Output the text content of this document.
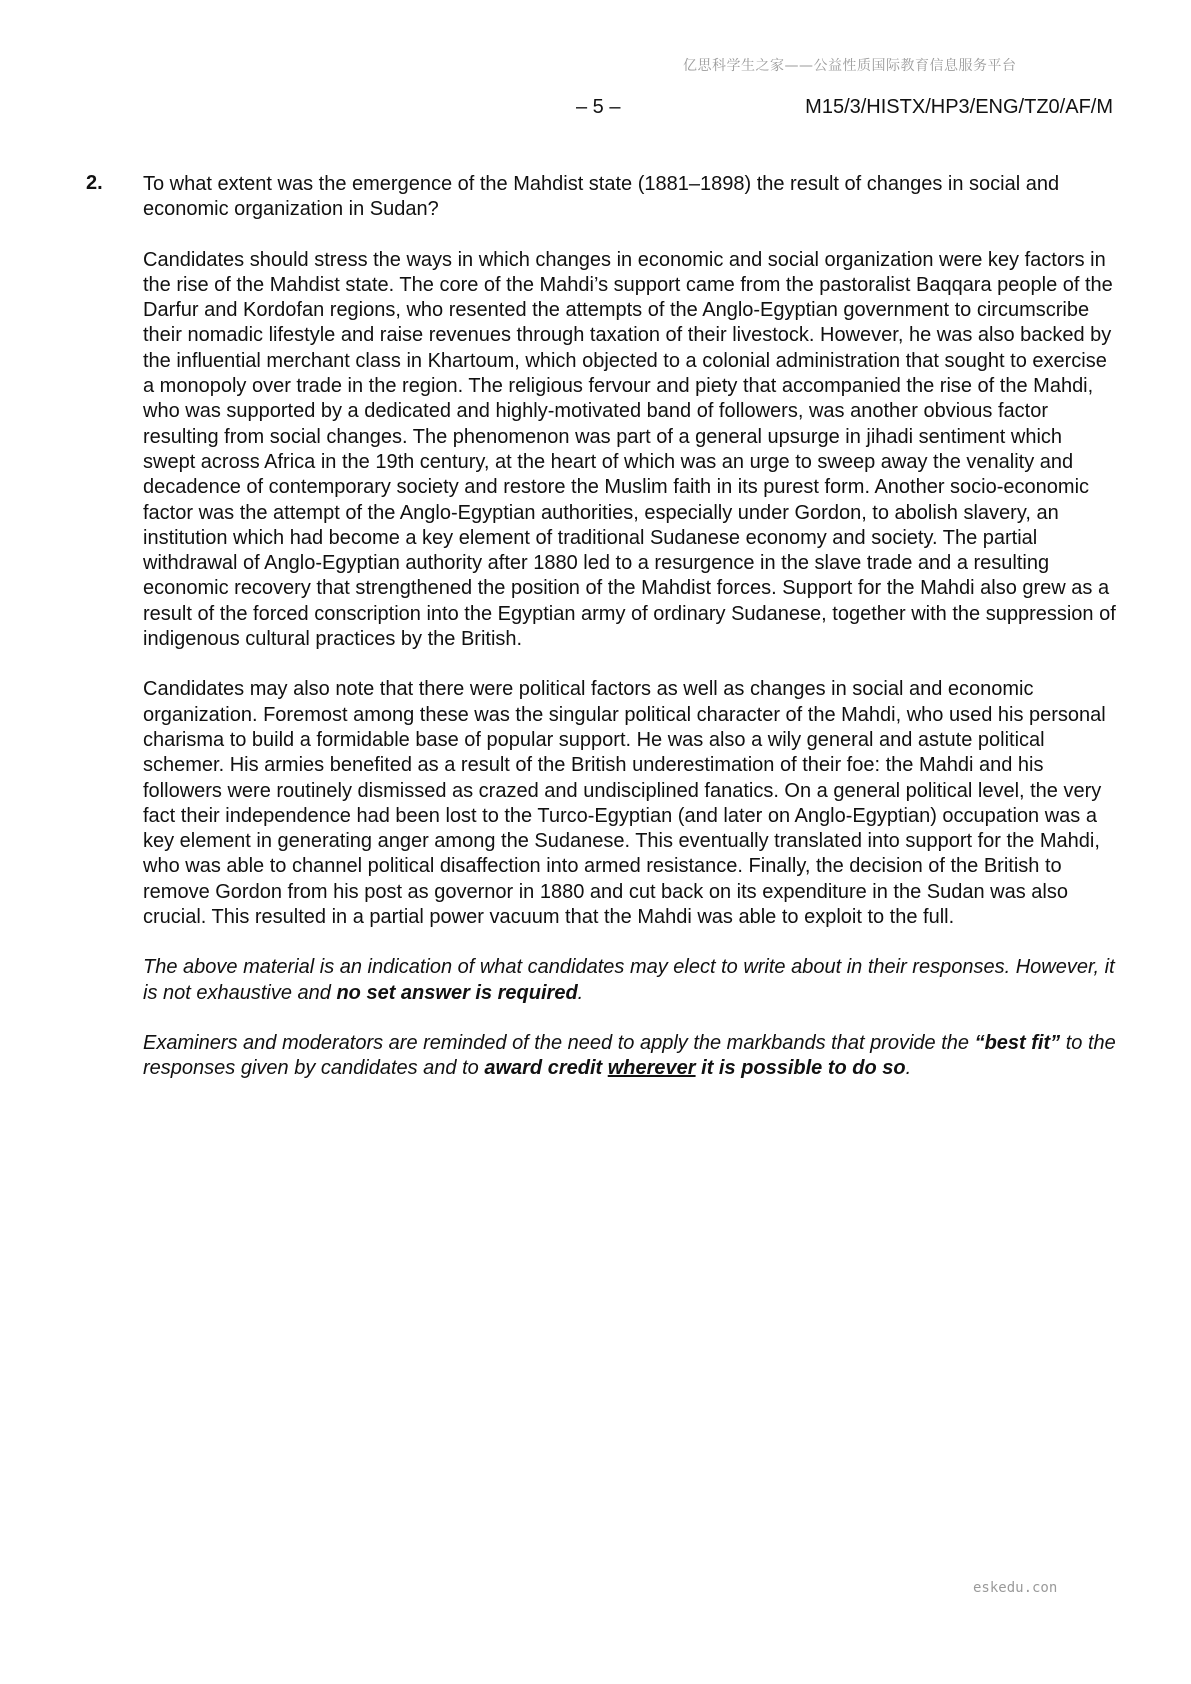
亿思科学生之家——公益性质国际教育信息服务平台
– 5 –	M15/3/HISTX/HP3/ENG/TZ0/AF/M
2. To what extent was the emergence of the Mahdist state (1881–1898) the result of changes in social and economic organization in Sudan?

Candidates should stress the ways in which changes in economic and social organization were key factors in the rise of the Mahdist state. The core of the Mahdi’s support came from the pastoralist Baqqara people of the Darfur and Kordofan regions, who resented the attempts of the Anglo-Egyptian government to circumscribe their nomadic lifestyle and raise revenues through taxation of their livestock. However, he was also backed by the influential merchant class in Khartoum, which objected to a colonial administration that sought to exercise a monopoly over trade in the region. The religious fervour and piety that accompanied the rise of the Mahdi, who was supported by a dedicated and highly-motivated band of followers, was another obvious factor resulting from social changes. The phenomenon was part of a general upsurge in jihadi sentiment which swept across Africa in the 19th century, at the heart of which was an urge to sweep away the venality and decadence of contemporary society and restore the Muslim faith in its purest form. Another socio-economic factor was the attempt of the Anglo-Egyptian authorities, especially under Gordon, to abolish slavery, an institution which had become a key element of traditional Sudanese economy and society. The partial withdrawal of Anglo-Egyptian authority after 1880 led to a resurgence in the slave trade and a resulting economic recovery that strengthened the position of the Mahdist forces. Support for the Mahdi also grew as a result of the forced conscription into the Egyptian army of ordinary Sudanese, together with the suppression of indigenous cultural practices by the British.

Candidates may also note that there were political factors as well as changes in social and economic organization. Foremost among these was the singular political character of the Mahdi, who used his personal charisma to build a formidable base of popular support. He was also a wily general and astute political schemer. His armies benefited as a result of the British underestimation of their foe: the Mahdi and his followers were routinely dismissed as crazed and undisciplined fanatics. On a general political level, the very fact their independence had been lost to the Turco-Egyptian (and later on Anglo-Egyptian) occupation was a key element in generating anger among the Sudanese. This eventually translated into support for the Mahdi, who was able to channel political disaffection into armed resistance. Finally, the decision of the British to remove Gordon from his post as governor in 1880 and cut back on its expenditure in the Sudan was also crucial. This resulted in a partial power vacuum that the Mahdi was able to exploit to the full.

The above material is an indication of what candidates may elect to write about in their responses. However, it is not exhaustive and no set answer is required.

Examiners and moderators are reminded of the need to apply the markbands that provide the “best fit” to the responses given by candidates and to award credit wherever it is possible to do so.

eskedu.con
